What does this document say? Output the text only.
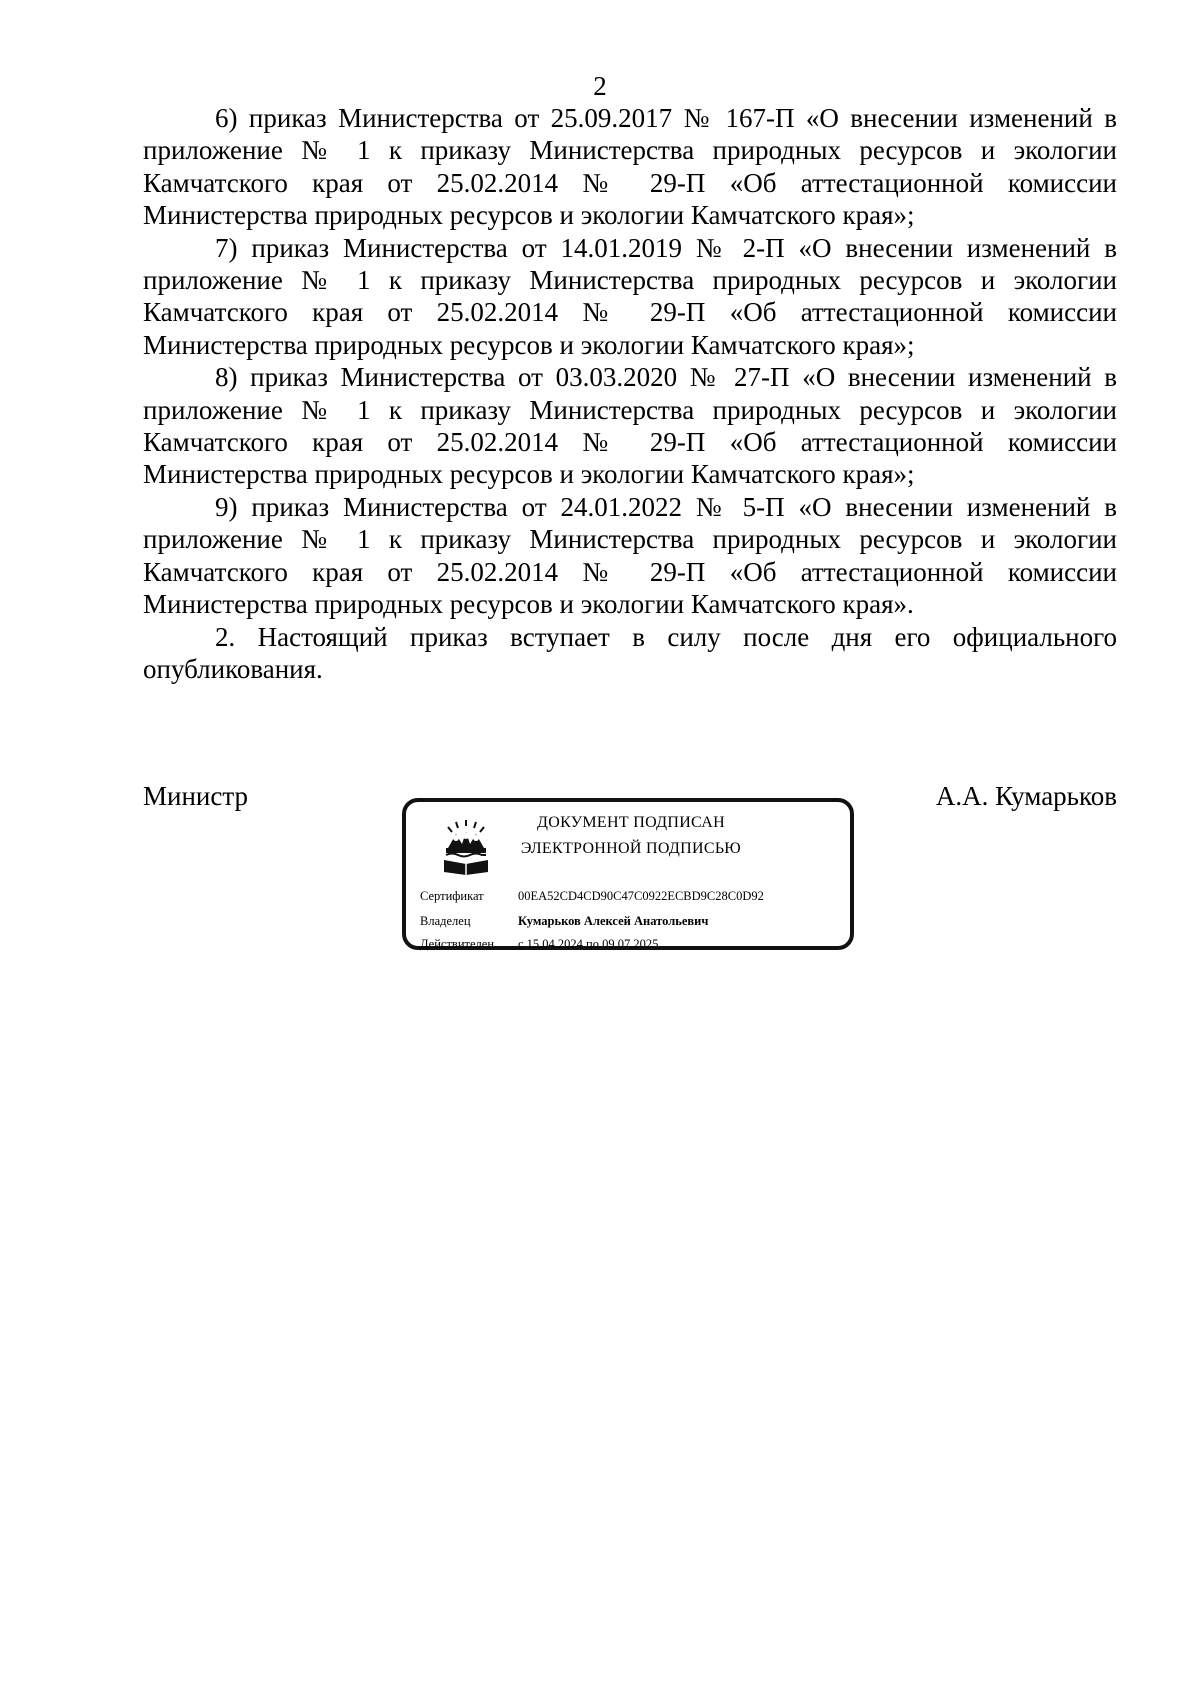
2

6) приказ Министерства от 25.09.2017 № 167-П «О внесении изменений в приложение № 1 к приказу Министерства природных ресурсов и экологии Камчатского края от 25.02.2014 № 29-П «Об аттестационной комиссии Министерства природных ресурсов и экологии Камчатского края»;

7) приказ Министерства от 14.01.2019 № 2-П «О внесении изменений в приложение № 1 к приказу Министерства природных ресурсов и экологии Камчатского края от 25.02.2014 № 29-П «Об аттестационной комиссии Министерства природных ресурсов и экологии Камчатского края»;

8) приказ Министерства от 03.03.2020 № 27-П «О внесении изменений в приложение № 1 к приказу Министерства природных ресурсов и экологии Камчатского края от 25.02.2014 № 29-П «Об аттестационной комиссии Министерства природных ресурсов и экологии Камчатского края»;

9) приказ Министерства от 24.01.2022 № 5-П «О внесении изменений в приложение № 1 к приказу Министерства природных ресурсов и экологии Камчатского края от 25.02.2014 № 29-П «Об аттестационной комиссии Министерства природных ресурсов и экологии Камчатского края».

2. Настоящий приказ вступает в силу после дня его официального опубликования.

Министр
ДОКУМЕНТ ПОДПИСАН
ЭЛЕКТРОННОЙ ПОДПИСЬЮ
Сертификат	00EA52CD4CD90C47C0922ECBD9C28C0D92
Владелец	Кумарьков Алексей Анатольевич
Действителен с 15.04.2024 по 09.07.2025
А.А. Кумарьков
